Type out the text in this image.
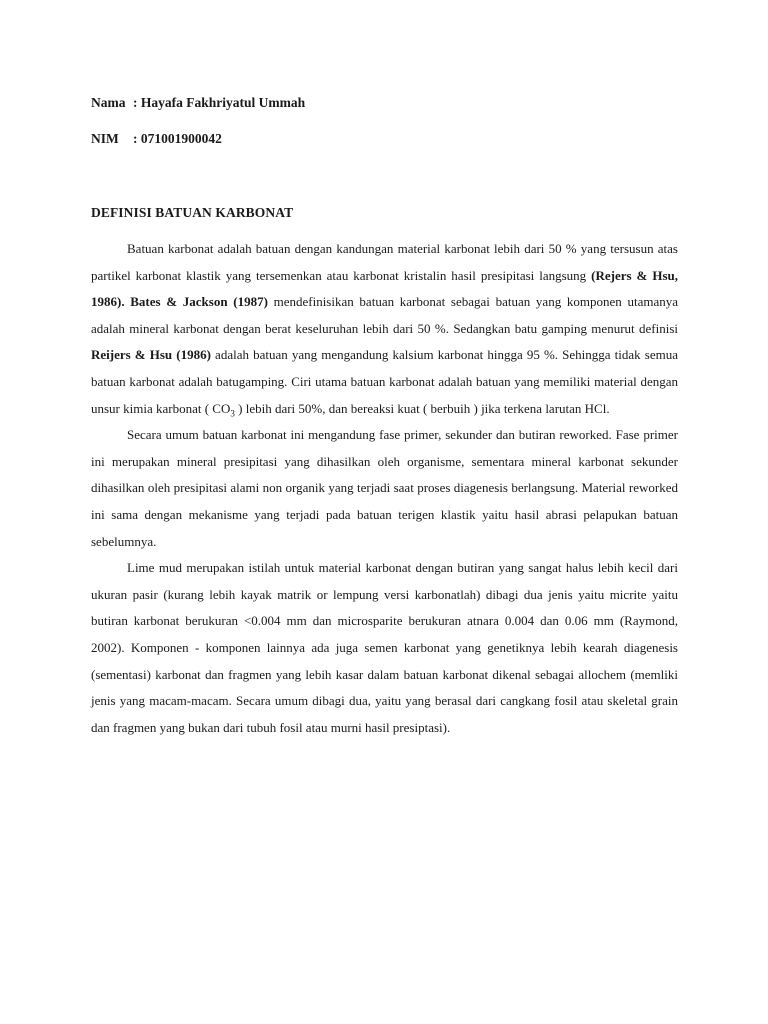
Nama : Hayafa Fakhriyatul Ummah
NIM : 071001900042
DEFINISI BATUAN KARBONAT

Batuan karbonat adalah batuan dengan kandungan material karbonat lebih dari 50 % yang tersusun atas partikel karbonat klastik yang tersemenkan atau karbonat kristalin hasil presipitasi langsung (Rejers & Hsu, 1986). Bates & Jackson (1987) mendefinisikan batuan karbonat sebagai batuan yang komponen utamanya adalah mineral karbonat dengan berat keseluruhan lebih dari 50 %. Sedangkan batu gamping menurut definisi Reijers & Hsu (1986) adalah batuan yang mengandung kalsium karbonat hingga 95 %. Sehingga tidak semua batuan karbonat adalah batugamping. Ciri utama batuan karbonat adalah batuan yang memiliki material dengan unsur kimia karbonat ( $CO_3$ ) lebih dari 50%, dan bereaksi kuat ( berbuih ) jika terkena larutan HCl.

Secara umum batuan karbonat ini mengandung fase primer, sekunder dan butiran reworked. Fase primer ini merupakan mineral presipitasi yang dihasilkan oleh organisme, sementara mineral karbonat sekunder dihasilkan oleh presipitasi alami non organik yang terjadi saat proses diagenesis berlangsung. Material reworked ini sama dengan mekanisme yang terjadi pada batuan terigen klastik yaitu hasil abrasi pelapukan batuan sebelumnya.

Lime mud merupakan istilah untuk material karbonat dengan butiran yang sangat halus lebih kecil dari ukuran pasir (kurang lebih kayak matrik or lempung versi karbonatlah) dibagi dua jenis yaitu micrite yaitu butiran karbonat berukuran <0.004 mm dan microsparite berukuran atnara 0.004 dan 0.06 mm (Raymond, 2002). Komponen - komponen lainnya ada juga semen karbonat yang genetiknya lebih kearah diagenesis (sementasi) karbonat dan fragmen yang lebih kasar dalam batuan karbonat dikenal sebagai allochem (memliki jenis yang macam-macam. Secara umum dibagi dua, yaitu yang berasal dari cangkang fosil atau skeletal grain dan fragmen yang bukan dari tubuh fosil atau murni hasil presiptasi).
